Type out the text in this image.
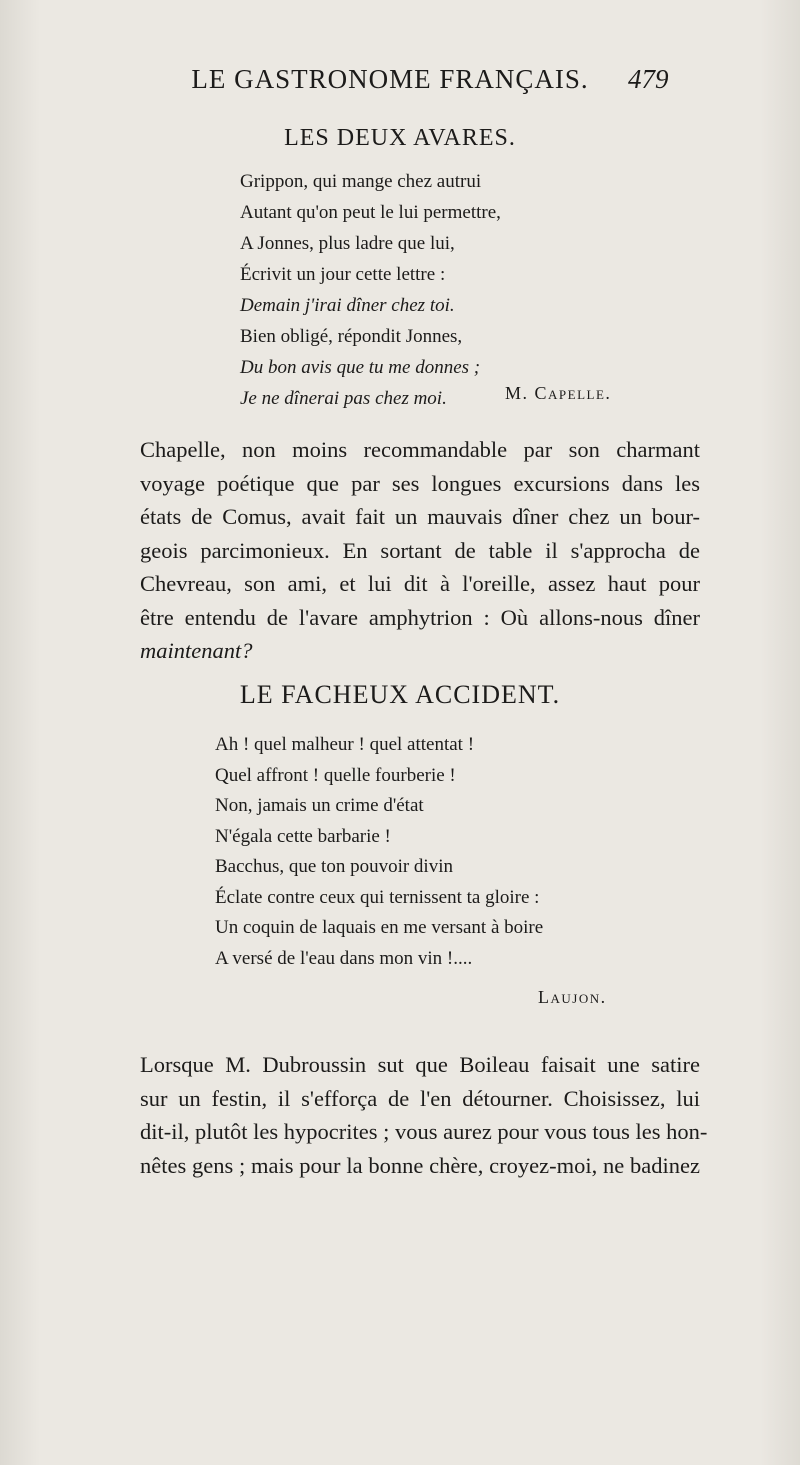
LE GASTRONOME FRANÇAIS.	479
LES DEUX AVARES.
Grippon, qui mange chez autrui
Autant qu'on peut le lui permettre,
A Jonnes, plus ladre que lui,
Écrivit un jour cette lettre :
Demain j'irai dîner chez toi.
Bien obligé, répondit Jonnes,
Du bon avis que tu me donnes ;
Je ne dînerai pas chez moi.	M. Capelle.
Chapelle, non moins recommandable par son charmant
voyage poétique que par ses longues excursions dans les
états de Comus, avait fait un mauvais dîner chez un bour-
geois parcimonieux. En sortant de table il s'approcha de
Chevreau, son ami, et lui dit à l'oreille, assez haut pour
être entendu de l'avare amphytrion : Où allons-nous dîner
maintenant?
LE FACHEUX ACCIDENT.
Ah ! quel malheur ! quel attentat !
Quel affront ! quelle fourberie !
Non, jamais un crime d'état
N'égala cette barbarie !
Bacchus, que ton pouvoir divin
Éclate contre ceux qui ternissent ta gloire :
Un coquin de laquais en me versant à boire
A versé de l'eau dans mon vin !....
Laujon.
Lorsque M. Dubroussin sut que Boileau faisait une satire
sur un festin, il s'efforça de l'en détourner. Choisissez, lui
dit-il, plutôt les hypocrites ; vous aurez pour vous tous les hon-
nêtes gens ; mais pour la bonne chère, croyez-moi, ne badinez
